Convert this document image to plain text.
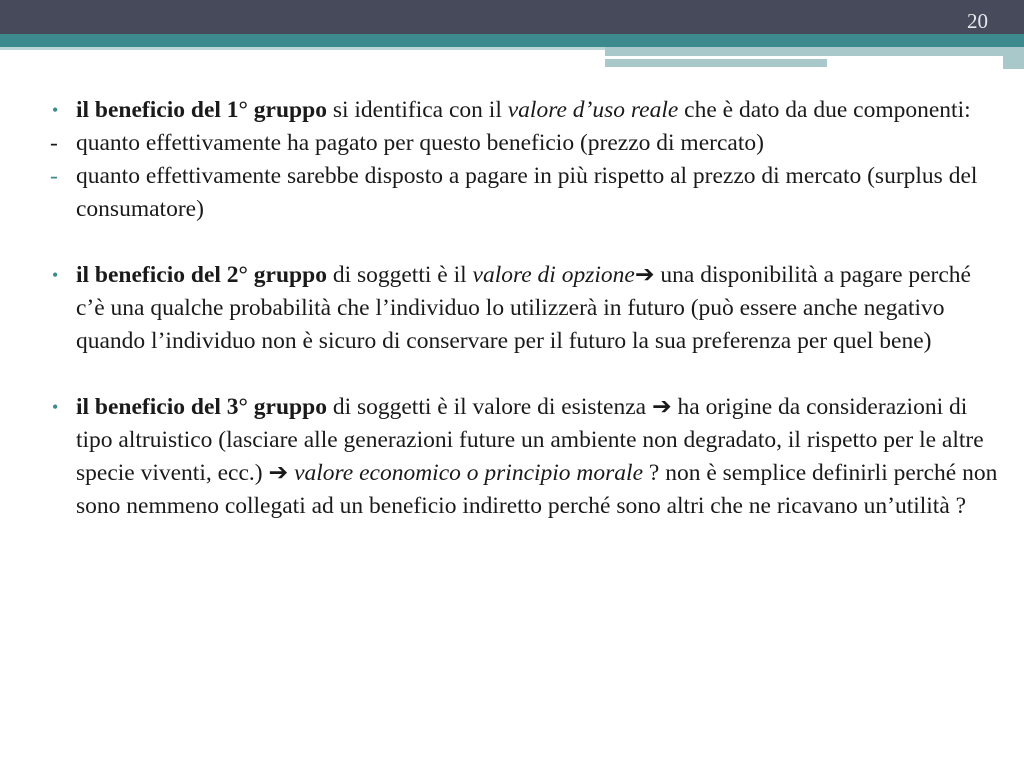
20
• il beneficio del 1° gruppo si identifica con il valore d’uso reale che è dato da due componenti:
- quanto effettivamente ha pagato per questo beneficio (prezzo di mercato)
- quanto effettivamente sarebbe disposto a pagare in più rispetto al prezzo di mercato (surplus del consumatore)
• il beneficio del 2° gruppo di soggetti è il valore di opzione➔ una disponibilità a pagare perché c’è una qualche probabilità che l’individuo lo utilizzerà in futuro (può essere anche negativo quando l’individuo non è sicuro di conservare per il futuro la sua preferenza per quel bene)
• il beneficio del 3° gruppo di soggetti è il valore di esistenza ➔ ha origine da considerazioni di tipo altruistico (lasciare alle generazioni future un ambiente non degradato, il rispetto per le altre specie viventi, ecc.) ➔ valore economico o principio morale ? non è semplice definirli perché non sono nemmeno collegati ad un beneficio indiretto perché sono altri che ne ricavano un’utilità ?
